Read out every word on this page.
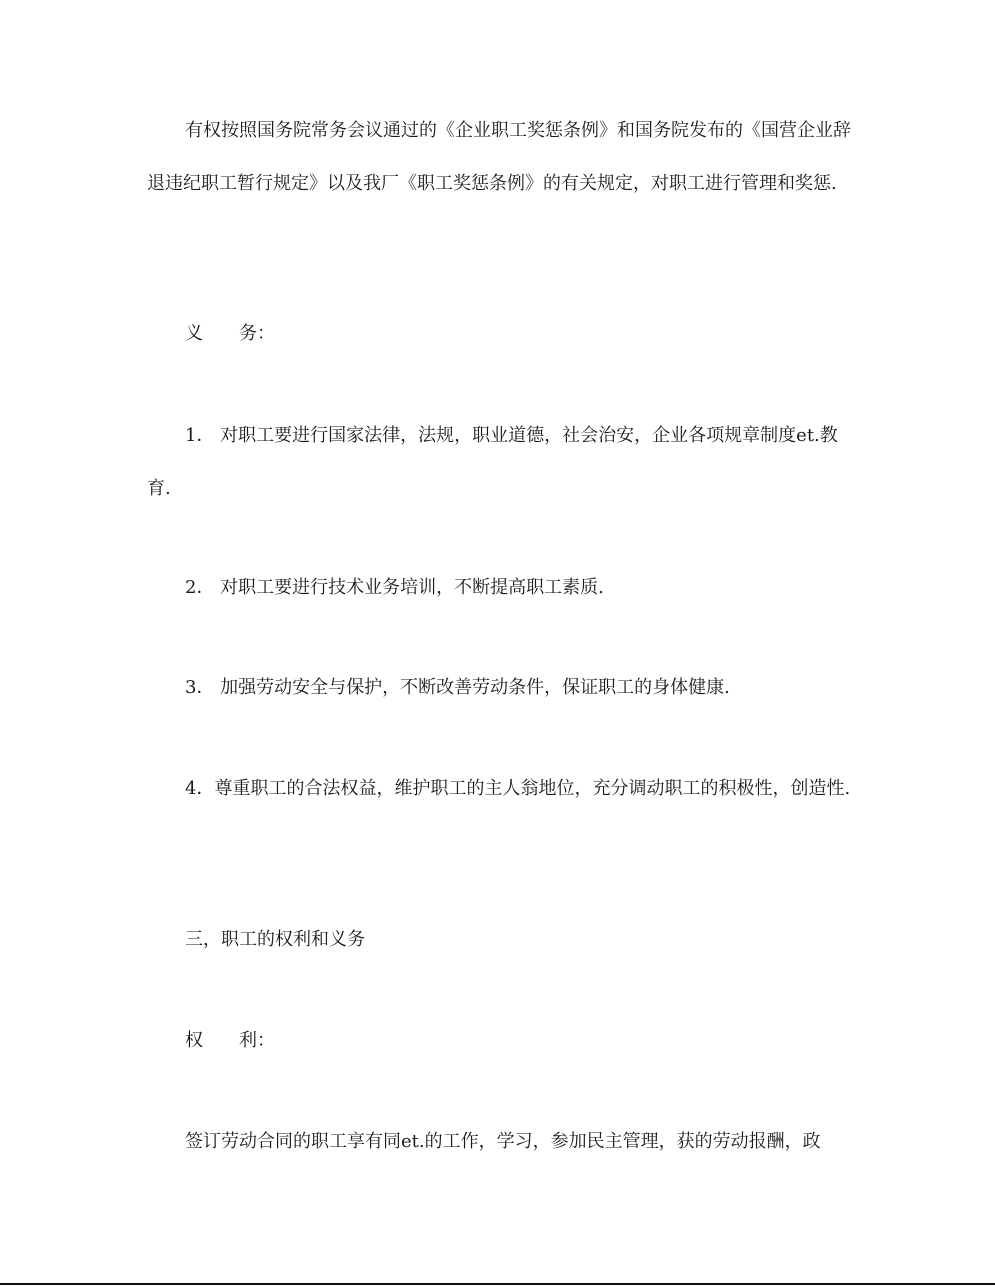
有权按照国务院常务会议通过的《企业职工奖惩条例》和国务院发布的《国营企业辞退违纪职工暂行规定》以及我厂《职工奖惩条例》的有关规定，对职工进行管理和奖惩.

义 务：

1． 对职工要进行国家法律，法规，职业道德，社会治安，企业各项规章制度et.教育.

2． 对职工要进行技术业务培训，不断提高职工素质.

3． 加强劳动安全与保护，不断改善劳动条件，保证职工的身体健康.

4．尊重职工的合法权益，维护职工的主人翁地位，充分调动职工的积极性，创造性.

三，职工的权利和义务

权 利：

签订劳动合同的职工享有同et.的工作，学习，参加民主管理，获的劳动报酬，政
